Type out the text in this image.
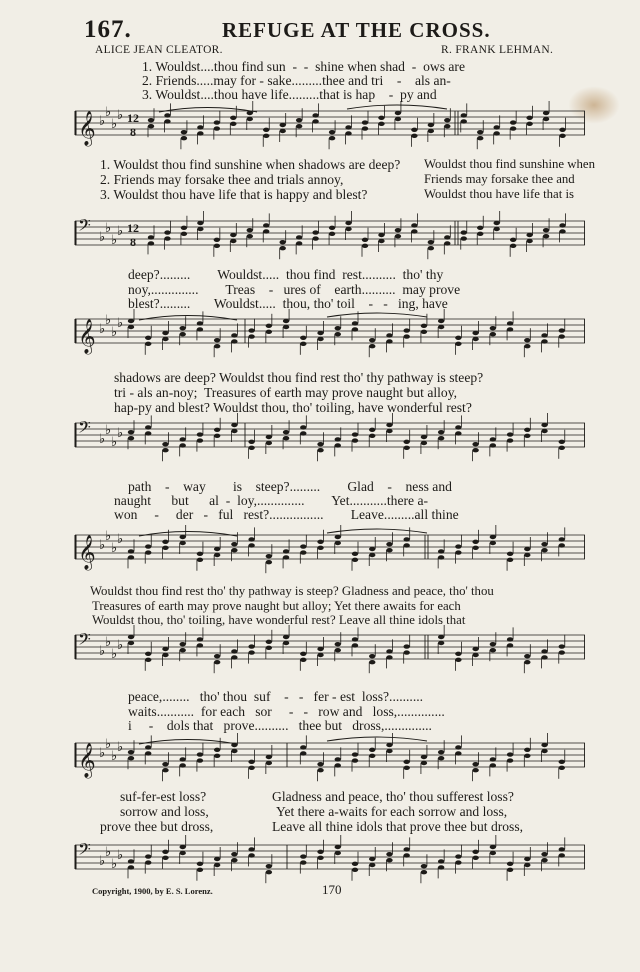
167.	REFUGE AT THE CROSS.
ALICE JEAN CLEATOR.	R. FRANK LEHMAN.
1. Wouldst....thou find sun  -  -  shine when shad  -  ows are
2. Friends.....may for - sake.........thee and tri    -    als an-
3. Wouldst....thou have life.........that is hap    -  py and
𝄞 ♭
♭
♭
♭ 12
8
1. Wouldst thou find sunshine when shadows are deep?
2. Friends may forsake thee and trials annoy,
3. Wouldst thou have life that is happy and blest?
Wouldst thou find sunshine when
Friends may forsake thee and
Wouldst thou have life that is
𝄢 ♭
♭
♭
♭ 12
8
deep?.........        Wouldst.....  thou find  rest..........  tho' thy
noy,..............        Treas    -   ures of    earth..........  may prove
blest?.........       Wouldst.....  thou, tho' toil    -   -   ing, have
𝄞 ♭
♭
♭
♭
shadows are deep? Wouldst thou find rest tho' thy pathway is steep?
tri - als an-noy;  Treasures of earth may prove naught but alloy,
hap-py and blest? Wouldst thou, tho' toiling, have wonderful rest?
𝄢 ♭
♭
♭
♭
path    -    way        is    steep?.........        Glad    -    ness and
naught      but      al  -  loy,..............        Yet...........there a-
won     -     der   -   ful   rest?................        Leave.........all thine
𝄞 ♭
♭
♭
♭
Wouldst thou find rest tho' thy pathway is steep? Gladness and peace, tho' thou
Treasures of earth may prove naught but alloy; Yet there awaits for each
Wouldst thou, tho' toiling, have wonderful rest? Leave all thine idols that
𝄢 ♭
♭
♭
♭
peace,........   tho' thou  suf    -   -   fer - est  loss?..........
waits...........  for each   sor     -   -   row and   loss,..............
i     -    dols that   prove..........   thee but   dross,..............
𝄞 ♭
♭
♭
♭
suf-fer-est loss?
sorrow and loss,
prove thee but dross,
Gladness and peace, tho' thou sufferest loss?
Yet there a-waits for each sorrow and loss,
Leave all thine idols that prove thee but dross,
𝄢 ♭
♭
♭
♭
Copyright, 1900, by E. S. Lorenz.	170
